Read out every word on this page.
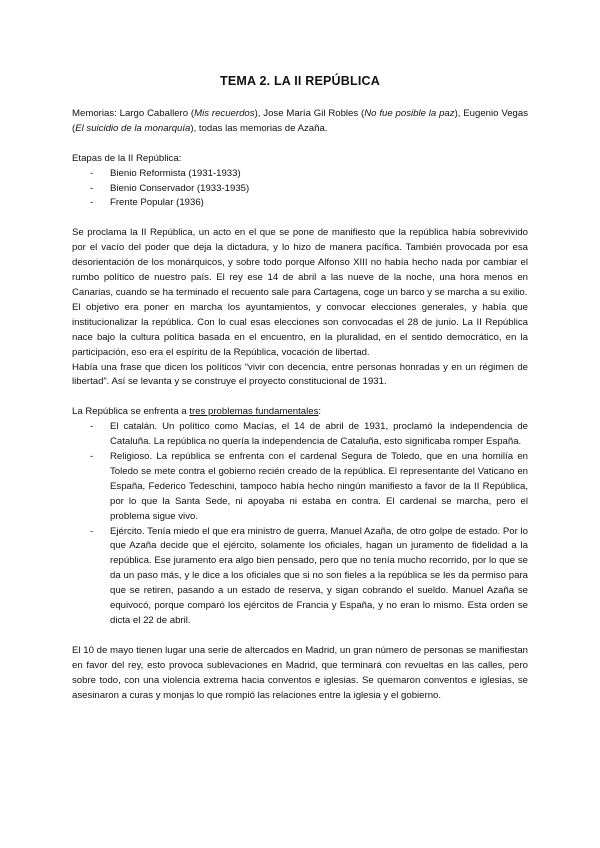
TEMA 2. LA II REPÚBLICA

Memorias: Largo Caballero (Mis recuerdos), Jose María Gil Robles (No fue posible la paz), Eugenio Vegas (El suicidio de la monarquía), todas las memorias de Azaña.

Etapas de la II República:

- Bienio Reformista (1931-1933)
- Bienio Conservador (1933-1935)
- Frente Popular (1936)

Se proclama la II República, un acto en el que se pone de manifiesto que la república había sobrevivido por el vacío del poder que deja la dictadura, y lo hizo de manera pacífica. También provocada por esa desorientación de los monárquicos, y sobre todo porque Alfonso XIII no había hecho nada por cambiar el rumbo político de nuestro país. El rey ese 14 de abril a las nueve de la noche, una hora menos en Canarias, cuando se ha terminado el recuento sale para Cartagena, coge un barco y se marcha a su exilio.

El objetivo era poner en marcha los ayuntamientos, y convocar elecciones generales, y había que institucionalizar la república. Con lo cual esas elecciones son convocadas el 28 de junio. La II República nace bajo la cultura política basada en el encuentro, en la pluralidad, en el sentido democrático, en la participación, eso era el espíritu de la República, vocación de libertad.

Había una frase que dicen los políticos “vivir con decencia, entre personas honradas y en un régimen de libertad”. Así se levanta y se construye el proyecto constitucional de 1931.

La República se enfrenta a tres problemas fundamentales:

- El catalán. Un político como Macías, el 14 de abril de 1931, proclamó la independencia de Cataluña. La república no quería la independencia de Cataluña, esto significaba romper España.
- Religioso. La república se enfrenta con el cardenal Segura de Toledo, que en una homilía en Toledo se mete contra el gobierno recién creado de la república. El representante del Vaticano en España, Federico Tedeschini, tampoco había hecho ningún manifiesto a favor de la II República, por lo que la Santa Sede, ni apoyaba ni estaba en contra. El cardenal se marcha, pero el problema sigue vivo.
- Ejército. Tenía miedo el que era ministro de guerra, Manuel Azaña, de otro golpe de estado. Por lo que Azaña decide que el ejército, solamente los oficiales, hagan un juramento de fidelidad a la república. Ese juramento era algo bien pensado, pero que no tenía mucho recorrido, por lo que se da un paso más, y le dice a los oficiales que si no son fieles a la república se les da permiso para que se retiren, pasando a un estado de reserva, y sigan cobrando el sueldo. Manuel Azaña se equivocó, porque comparó los ejércitos de Francia y España, y no eran lo mismo. Esta orden se dicta el 22 de abril.

El 10 de mayo tienen lugar una serie de altercados en Madrid, un gran número de personas se manifiestan en favor del rey, esto provoca sublevaciones en Madrid, que terminará con revueltas en las calles, pero sobre todo, con una violencia extrema hacia conventos e iglesias. Se quemaron conventos e iglesias, se asesinaron a curas y monjas lo que rompió las relaciones entre la iglesia y el gobierno.
